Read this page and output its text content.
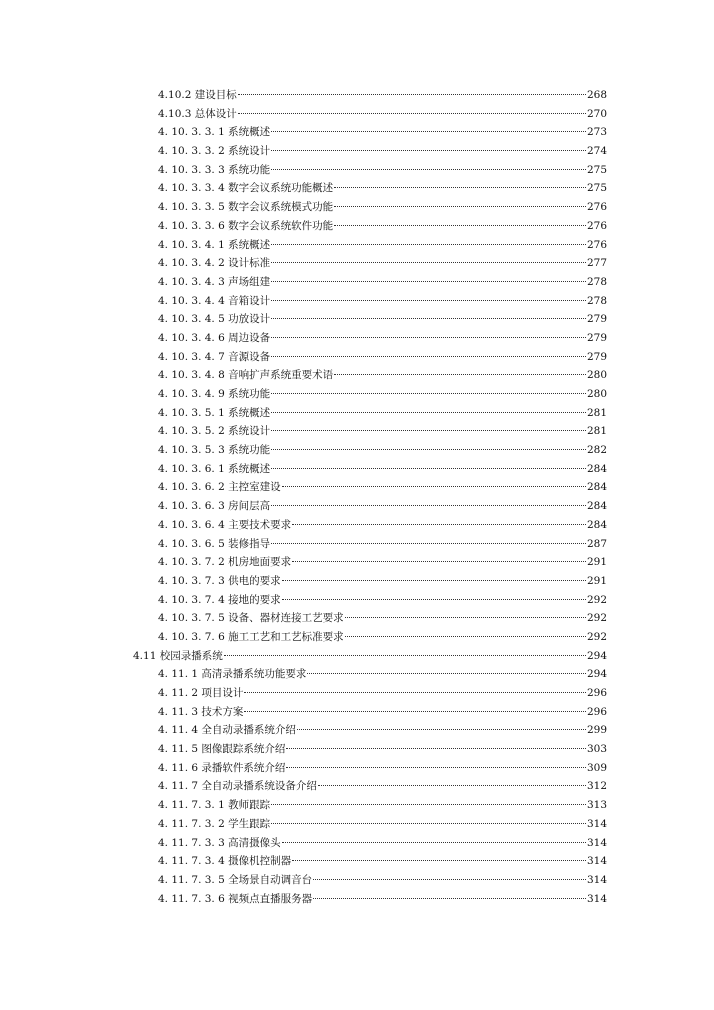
4.10.2 建设目标	268
4.10.3 总体设计	270
4. 10. 3. 3. 1 系统概述	273
4. 10. 3. 3. 2 系统设计	274
4. 10. 3. 3. 3 系统功能	275
4. 10. 3. 3. 4 数字会议系统功能概述	275
4. 10. 3. 3. 5 数字会议系统模式功能	276
4. 10. 3. 3. 6 数字会议系统软件功能	276
4. 10. 3. 4. 1 系统概述	276
4. 10. 3. 4. 2 设计标准	277
4. 10. 3. 4. 3 声场组建	278
4. 10. 3. 4. 4 音箱设计	278
4. 10. 3. 4. 5 功放设计	279
4. 10. 3. 4. 6 周边设备	279
4. 10. 3. 4. 7 音源设备	279
4. 10. 3. 4. 8 音响扩声系统重要术语	280
4. 10. 3. 4. 9 系统功能	280
4. 10. 3. 5. 1 系统概述	281
4. 10. 3. 5. 2 系统设计	281
4. 10. 3. 5. 3 系统功能	282
4. 10. 3. 6. 1 系统概述	284
4. 10. 3. 6. 2 主控室建设	284
4. 10. 3. 6. 3 房间层高	284
4. 10. 3. 6. 4 主要技术要求	284
4. 10. 3. 6. 5 装修指导	287
4. 10. 3. 7. 2 机房地面要求	291
4. 10. 3. 7. 3 供电的要求	291
4. 10. 3. 7. 4 接地的要求	292
4. 10. 3. 7. 5 设备、器材连接工艺要求	292
4. 10. 3. 7. 6 施工工艺和工艺标准要求	292
4.11 校园录播系统	294
4. 11. 1 高清录播系统功能要求	294
4. 11. 2 项目设计	296
4. 11. 3 技术方案	296
4. 11. 4 全自动录播系统介绍	299
4. 11. 5 图像跟踪系统介绍	303
4. 11. 6 录播软件系统介绍	309
4. 11. 7 全自动录播系统设备介绍	312
4. 11. 7. 3. 1 教师跟踪	313
4. 11. 7. 3. 2 学生跟踪	314
4. 11. 7. 3. 3 高清摄像头	314
4. 11. 7. 3. 4 摄像机控制器	314
4. 11. 7. 3. 5 全场景自动调音台	314
4. 11. 7. 3. 6 视频点直播服务器	314
